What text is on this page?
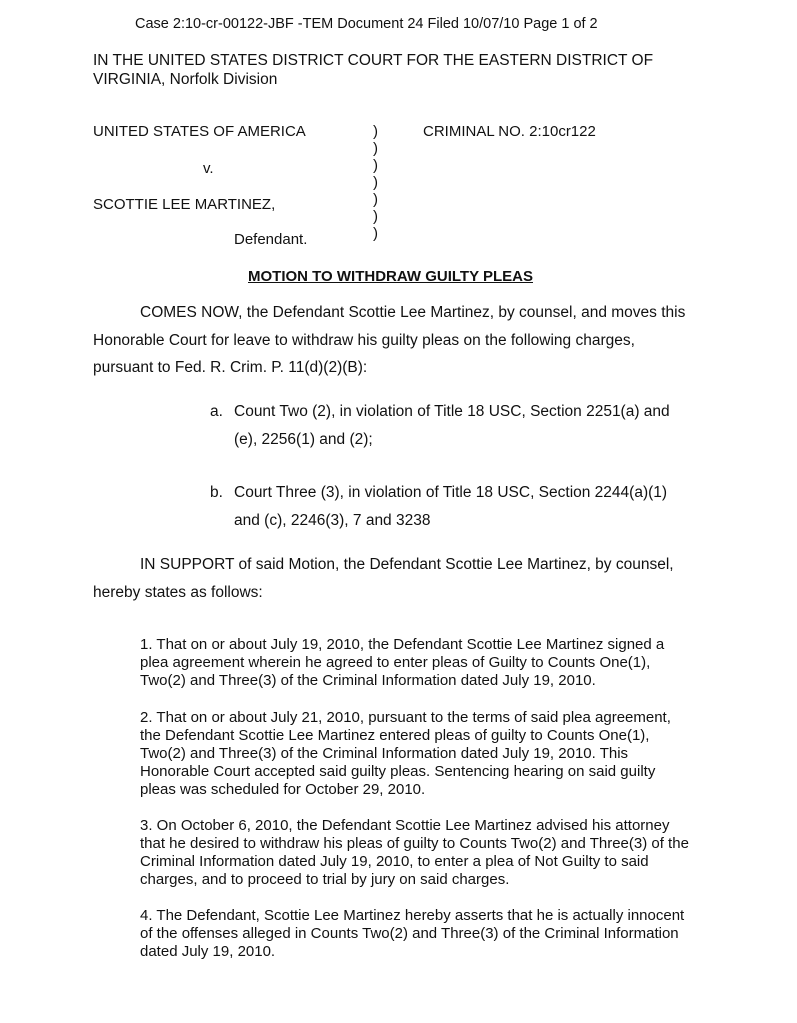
Case 2:10-cr-00122-JBF -TEM Document 24 Filed 10/07/10 Page 1 of 2
IN THE UNITED STATES DISTRICT COURT FOR THE EASTERN DISTRICT OF
VIRGINIA, Norfolk Division
UNITED STATES OF AMERICA
v.
SCOTTIE LEE MARTINEZ,
Defendant.
CRIMINAL NO. 2:10cr122
)
)
)
)
)
)
)
MOTION TO WITHDRAW GUILTY PLEAS
COMES NOW, the Defendant Scottie Lee Martinez, by counsel, and moves this
Honorable Court for leave to withdraw his guilty pleas on the following charges,
pursuant to Fed. R. Crim. P. 11(d)(2)(B):
a. Count Two (2), in violation of Title 18 USC, Section 2251(a) and
(e), 2256(1) and (2);
b. Court Three (3), in violation of Title 18 USC, Section 2244(a)(1)
and (c), 2246(3), 7 and 3238
IN SUPPORT of said Motion, the Defendant Scottie Lee Martinez, by counsel,
hereby states as follows:
1. That on or about July 19, 2010, the Defendant Scottie Lee Martinez signed a plea agreement wherein he agreed to enter pleas of Guilty to Counts One(1), Two(2) and Three(3) of the Criminal Information dated July 19, 2010.
2. That on or about July 21, 2010, pursuant to the terms of said plea agreement, the Defendant Scottie Lee Martinez entered pleas of guilty to Counts One(1), Two(2) and Three(3) of the Criminal Information dated July 19, 2010. This Honorable Court accepted said guilty pleas. Sentencing hearing on said guilty pleas was scheduled for October 29, 2010.
3. On October 6, 2010, the Defendant Scottie Lee Martinez advised his attorney that he desired to withdraw his pleas of guilty to Counts Two(2) and Three(3) of the Criminal Information dated July 19, 2010, to enter a plea of Not Guilty to said charges, and to proceed to trial by jury on said charges.
4. The Defendant, Scottie Lee Martinez hereby asserts that he is actually innocent of the offenses alleged in Counts Two(2) and Three(3) of the Criminal Information dated July 19, 2010.
